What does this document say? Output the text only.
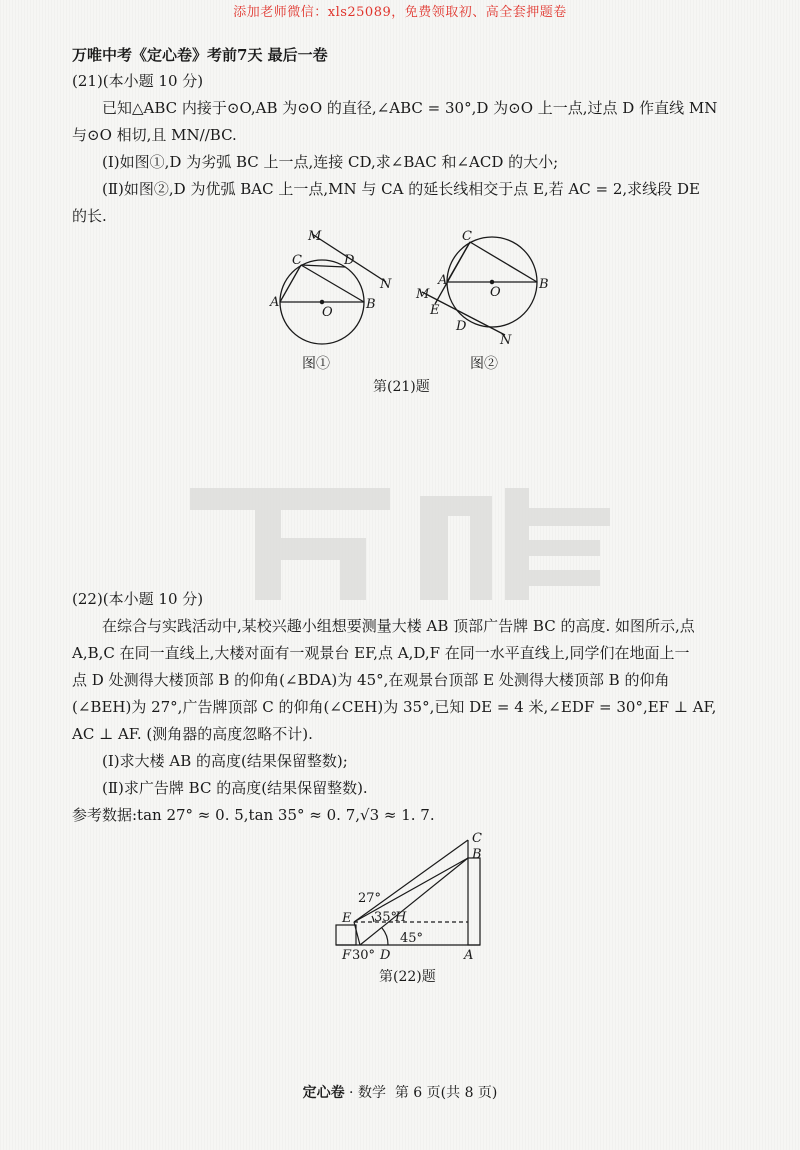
添加老师微信：xls25089，免费领取初、高全套押题卷
万唯中考《定心卷》考前7天 最后一卷

(21)(本小题 10 分)

已知△ABC 内接于⊙O,AB 为⊙O 的直径,∠ABC = 30°,D 为⊙O 上一点,过点 D 作直线 MN

与⊙O 相切,且 MN//BC.

(Ⅰ)如图①,D 为劣弧 BC 上一点,连接 CD,求∠BAC 和∠ACD 的大小;

(Ⅱ)如图②,D 为优弧 BAC 上一点,MN 与 CA 的延长线相交于点 E,若 AC = 2,求线段 DE

的长.

M
C	D
N
A
O
B
C
A
O
B
M
E
D
N
图①	图②
第(21)题

(22)(本小题 10 分)

在综合与实践活动中,某校兴趣小组想要测量大楼 AB 顶部广告牌 BC 的高度. 如图所示,点

A,B,C 在同一直线上,大楼对面有一观景台 EF,点 A,D,F 在同一水平直线上,同学们在地面上一

点 D 处测得大楼顶部 B 的仰角(∠BDA)为 45°,在观景台顶部 E 处测得大楼顶部 B 的仰角

(∠BEH)为 27°,广告牌顶部 C 的仰角(∠CEH)为 35°,已知 DE = 4 米,∠EDF = 30°,EF ⊥ AF,

AC ⊥ AF. (测角器的高度忽略不计).

(Ⅰ)求大楼 AB 的高度(结果保留整数);

(Ⅱ)求广告牌 BC 的高度(结果保留整数).

参考数据:tan 27° ≈ 0. 5,tan 35° ≈ 0. 7,√3 ≈ 1. 7.

C
B
E	H
F D	A
27°
35°
45°
30°
第(22)题
定心卷 · 数学 第 6 页(共 8 页)
